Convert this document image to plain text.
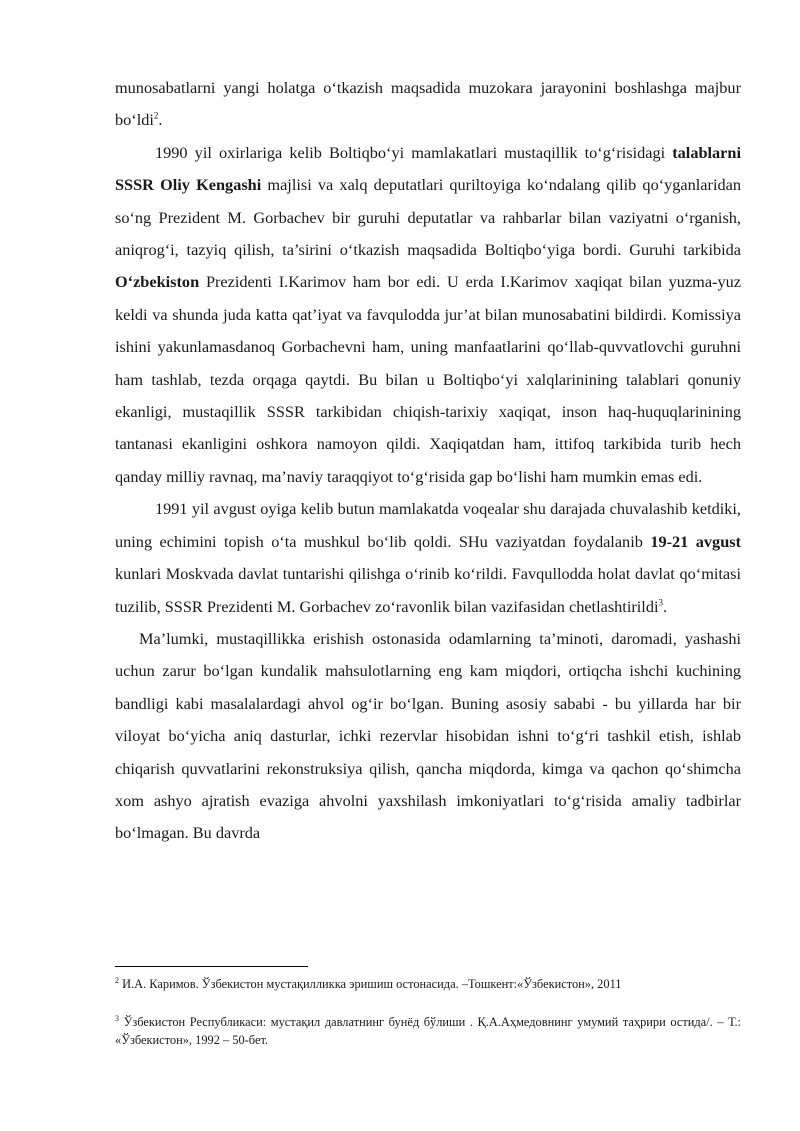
munosabatlarni yangi holatga o‘tkazish maqsadida muzokara jarayonini boshlashga majbur bo‘ldi$^2$.

1990 yil oxirlariga kelib Boltiqbo‘yi mamlakatlari mustaqillik to‘g‘risidagi talablarni SSSR Oliy Kengashi majlisi va xalq deputatlari quriltoyiga ko‘ndalang qilib qo‘yganlaridan so‘ng Prezident M. Gorbachev bir guruhi deputatlar va rahbarlar bilan vaziyatni o‘rganish, aniqrog‘i, tazyiq qilish, ta’sirini o‘tkazish maqsadida Boltiqbo‘yiga bordi. Guruhi tarkibida O‘zbekiston Prezidenti I.Karimov ham bor edi. U erda I.Karimov xaqiqat bilan yuzma-yuz keldi va shunda juda katta qat’iyat va favqulodda jur’at bilan munosabatini bildirdi. Komissiya ishini yakunlamasdanoq Gorbachevni ham, uning manfaatlarini qo‘llab-quvvatlovchi guruhni ham tashlab, tezda orqaga qaytdi. Bu bilan u Boltiqbo‘yi xalqlarinining talablari qonuniy ekanligi, mustaqillik SSSR tarkibidan chiqish-tarixiy xaqiqat, inson haq-huquqlarinining tantanasi ekanligini oshkora namoyon qildi. Xaqiqatdan ham, ittifoq tarkibida turib hech qanday milliy ravnaq, ma’naviy taraqqiyot to‘g‘risida gap bo‘lishi ham mumkin emas edi.

1991 yil avgust oyiga kelib butun mamlakatda voqealar shu darajada chuvalashib ketdiki, uning echimini topish o‘ta mushkul bo‘lib qoldi. SHu vaziyatdan foydalanib 19-21 avgust kunlari Moskvada davlat tuntarishi qilishga o‘rinib ko‘rildi. Favqullodda holat davlat qo‘mitasi tuzilib, SSSR Prezidenti M. Gorbachev zo‘ravonlik bilan vazifasidan chetlashtirildi$^3$.

Ma’lumki, mustaqillikka erishish ostonasida odamlarning ta’minoti, daromadi, yashashi uchun zarur bo‘lgan kundalik mahsulotlarning eng kam miqdori, ortiqcha ishchi kuchining bandligi kabi masalalardagi ahvol og‘ir bo‘lgan. Buning asosiy sababi - bu yillarda har bir viloyat bo‘yicha aniq dasturlar, ichki rezervlar hisobidan ishni to‘g‘ri tashkil etish, ishlab chiqarish quvvatlarini rekonstruksiya qilish, qancha miqdorda, kimga va qachon qo‘shimcha xom ashyo ajratish evaziga ahvolni yaxshilash imkoniyatlari to‘g‘risida amaliy tadbirlar bo‘lmagan. Bu davrda

$^2$ И.А. Каримов. Ўзбекистон мустақилликка эришиш остонасида. –Тошкент:«Ўзбекистон», 2011

$^3$ Ўзбекистон Республикаси: мустақил давлатнинг бунёд бўлиши . Қ.А.Аҳмедовнинг умумий таҳрири остида/. – Т.: «Ўзбекистон», 1992 – 50-бет.
